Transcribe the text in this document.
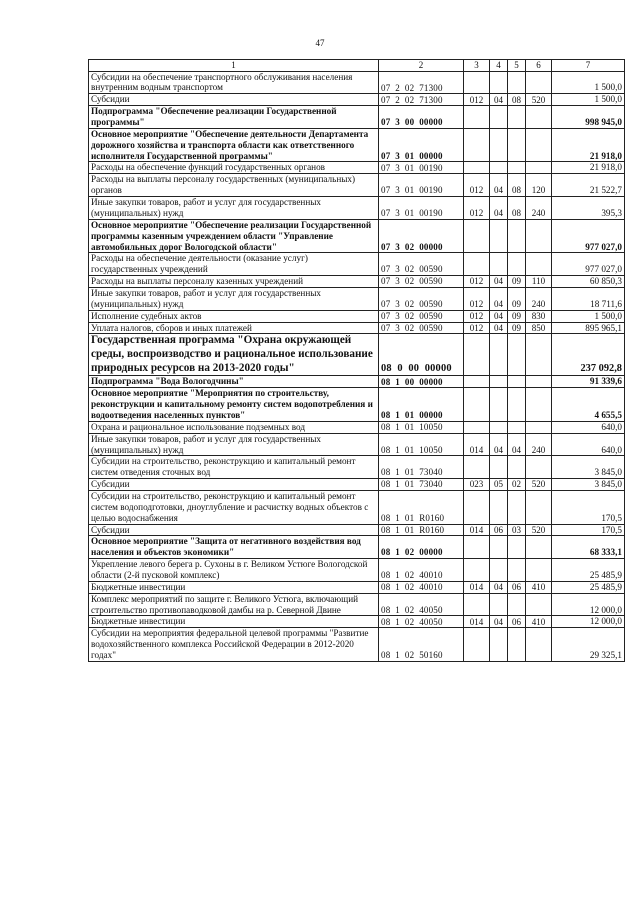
47
1	2	3	4	5	6	7
Субсидии на обеспечение транспортного обслуживания населения внутренним водным транспортом	07  2  02  71300					1 500,0
Субсидии	07  2  02  71300	012	04	08	520	1 500,0
Подпрограмма "Обеспечение реализации Государственной программы"	07  3  00  00000					998 945,0
Основное мероприятие "Обеспечение деятельности Департамента дорожного хозяйства и транспорта области как ответственного исполнителя Государственной программы"	07  3  01  00000					21 918,0
Расходы на обеспечение функций государственных органов	07  3  01  00190					21 918,0
Расходы на выплаты персоналу государственных (муниципальных) органов	07  3  01  00190	012	04	08	120	21 522,7
Иные закупки товаров, работ и услуг для государственных (муниципальных) нужд	07  3  01  00190	012	04	08	240	395,3
Основное мероприятие "Обеспечение реализации Государственной программы казенным учреждением области "Управление автомобильных дорог Вологодской области"	07  3  02  00000					977 027,0
Расходы на обеспечение деятельности (оказание услуг) государственных учреждений	07  3  02  00590					977 027,0
Расходы на выплаты персоналу казенных учреждений	07  3  02  00590	012	04	09	110	60 850,3
Иные закупки товаров, работ и услуг для государственных (муниципальных) нужд	07  3  02  00590	012	04	09	240	18 711,6
Исполнение судебных актов	07  3  02  00590	012	04	09	830	1 500,0
Уплата налогов, сборов и иных платежей	07  3  02  00590	012	04	09	850	895 965,1
Государственная программа "Охрана окружающей среды, воспроизводство и рациональное использование природных ресурсов на 2013-2020 годы"	08  0  00  00000					237 092,8
Подпрограмма "Вода Вологодчины"	08  1  00  00000					91 339,6
Основное мероприятие "Мероприятия по строительству, реконструкции и капитальному ремонту систем водопотребления и водоотведения населенных пунктов"	08  1  01  00000					4 655,5
Охрана и рациональное использование подземных вод	08  1  01  10050					640,0
Иные закупки товаров, работ и услуг для государственных (муниципальных) нужд	08  1  01  10050	014	04	04	240	640,0
Субсидии на строительство, реконструкцию и капитальный ремонт систем отведения сточных вод	08  1  01  73040					3 845,0
Субсидии	08  1  01  73040	023	05	02	520	3 845,0
Субсидии на строительство, реконструкцию и капитальный ремонт систем водоподготовки, дноуглубление и расчистку водных объектов с целью водоснабжения	08  1  01  R0160					170,5
Субсидии	08  1  01  R0160	014	06	03	520	170,5
Основное мероприятие "Защита от негативного воздействия вод населения и объектов экономики"	08  1  02  00000					68 333,1
Укрепление левого берега р. Сухоны в г. Великом Устюге Вологодской области (2-й пусковой комплекс)	08  1  02  40010					25 485,9
Бюджетные инвестиции	08  1  02  40010	014	04	06	410	25 485,9
Комплекс мероприятий по защите г. Великого Устюга, включающий строительство противопаводковой дамбы на р. Северной Двине	08  1  02  40050					12 000,0
Бюджетные инвестиции	08  1  02  40050	014	04	06	410	12 000,0
Субсидии на мероприятия федеральной целевой программы "Развитие водохозяйственного комплекса Российской Федерации в 2012-2020 годах"	08  1  02  50160					29 325,1
